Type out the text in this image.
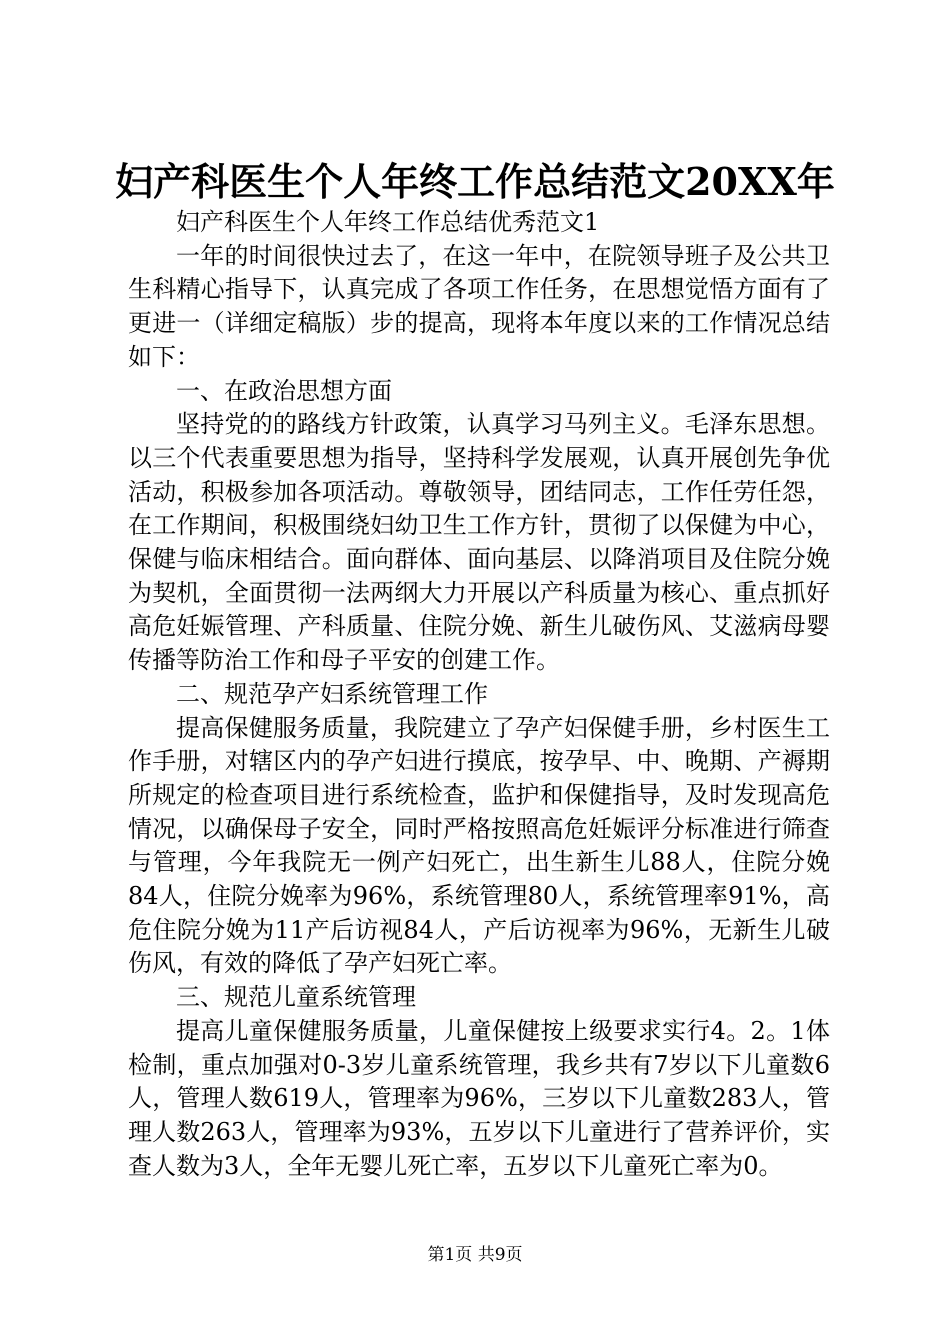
妇产科医生个人年终工作总结范文20XX年

妇产科医生个人年终工作总结优秀范文1

一年的时间很快过去了，在这一年中，在院领导班子及公共卫生科精心指导下，认真完成了各项工作任务，在思想觉悟方面有了更进一（详细定稿版）步的提高，现将本年度以来的工作情况总结如下：

一、在政治思想方面

坚持党的的路线方针政策，认真学习马列主义。毛泽东思想。以三个代表重要思想为指导，坚持科学发展观，认真开展创先争优活动，积极参加各项活动。尊敬领导，团结同志，工作任劳任怨，在工作期间，积极围绕妇幼卫生工作方针，贯彻了以保健为中心，保健与临床相结合。面向群体、面向基层、以降消项目及住院分娩为契机，全面贯彻一法两纲大力开展以产科质量为核心、重点抓好高危妊娠管理、产科质量、住院分娩、新生儿破伤风、艾滋病母婴传播等防治工作和母子平安的创建工作。

二、规范孕产妇系统管理工作

提高保健服务质量，我院建立了孕产妇保健手册，乡村医生工作手册，对辖区内的孕产妇进行摸底，按孕早、中、晚期、产褥期所规定的检查项目进行系统检查，监护和保健指导，及时发现高危情况，以确保母子安全，同时严格按照高危妊娠评分标准进行筛查与管理，今年我院无一例产妇死亡，出生新生儿88人，住院分娩84人，住院分娩率为96%，系统管理80人，系统管理率91%，高危住院分娩为11产后访视84人，产后访视率为96%，无新生儿破伤风，有效的降低了孕产妇死亡率。

三、规范儿童系统管理

提高儿童保健服务质量，儿童保健按上级要求实行4。2。1体检制，重点加强对0-3岁儿童系统管理，我乡共有7岁以下儿童数6人，管理人数619人，管理率为96%，三岁以下儿童数283人，管理人数263人，管理率为93%，五岁以下儿童进行了营养评价，实查人数为3人，全年无婴儿死亡率，五岁以下儿童死亡率为0。

第1页 共9页
